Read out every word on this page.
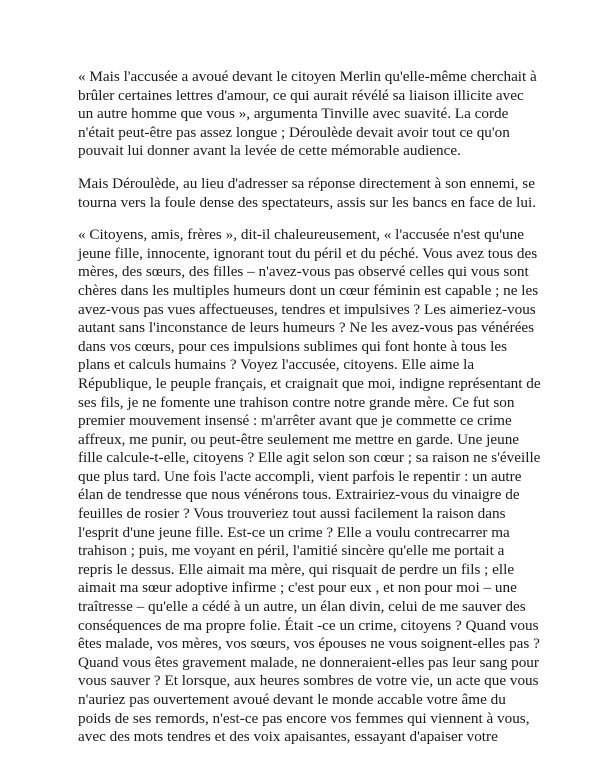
« Mais l'accusée a avoué devant le citoyen Merlin qu'elle-même cherchait à
brûler certaines lettres d'amour, ce qui aurait révélé sa liaison illicite avec
un autre homme que vous », argumenta Tinville avec suavité. La corde
n'était peut-être pas assez longue ; Déroulède devait avoir tout ce qu'on
pouvait lui donner avant la levée de cette mémorable audience.

Mais Déroulède, au lieu d'adresser sa réponse directement à son ennemi, se
tourna vers la foule dense des spectateurs, assis sur les bancs en face de lui.

« Citoyens, amis, frères », dit-il chaleureusement, « l'accusée n'est qu'une
jeune fille, innocente, ignorant tout du péril et du péché. Vous avez tous des
mères, des sœurs, des filles – n'avez-vous pas observé celles qui vous sont
chères dans les multiples humeurs dont un cœur féminin est capable ; ne les
avez-vous pas vues affectueuses, tendres et impulsives ? Les aimeriez-vous
autant sans l'inconstance de leurs humeurs ? Ne les avez-vous pas vénérées
dans vos cœurs, pour ces impulsions sublimes qui font honte à tous les
plans et calculs humains ? Voyez l'accusée, citoyens. Elle aime la
République, le peuple français, et craignait que moi, indigne représentant de
ses fils, je ne fomente une trahison contre notre grande mère. Ce fut son
premier mouvement insensé : m'arrêter avant que je commette ce crime
affreux, me punir, ou peut-être seulement me mettre en garde. Une jeune
fille calcule-t-elle, citoyens ? Elle agit selon son cœur ; sa raison ne s'éveille
que plus tard. Une fois l'acte accompli, vient parfois le repentir : un autre
élan de tendresse que nous vénérons tous. Extrairiez-vous du vinaigre de
feuilles de rosier ? Vous trouveriez tout aussi facilement la raison dans
l'esprit d'une jeune fille. Est-ce un crime ? Elle a voulu contrecarrer ma
trahison ; puis, me voyant en péril, l'amitié sincère qu'elle me portait a
repris le dessus. Elle aimait ma mère, qui risquait de perdre un fils ; elle
aimait ma sœur adoptive infirme ; c'est pour eux , et non pour moi – une
traîtresse – qu'elle a cédé à un autre, un élan divin, celui de me sauver des
conséquences de ma propre folie. Était -ce un crime, citoyens ? Quand vous
êtes malade, vos mères, vos sœurs, vos épouses ne vous soignent-elles pas ?
Quand vous êtes gravement malade, ne donneraient-elles pas leur sang pour
vous sauver ? Et lorsque, aux heures sombres de votre vie, un acte que vous
n'auriez pas ouvertement avoué devant le monde accable votre âme du
poids de ses remords, n'est-ce pas encore vos femmes qui viennent à vous,
avec des mots tendres et des voix apaisantes, essayant d'apaiser votre
